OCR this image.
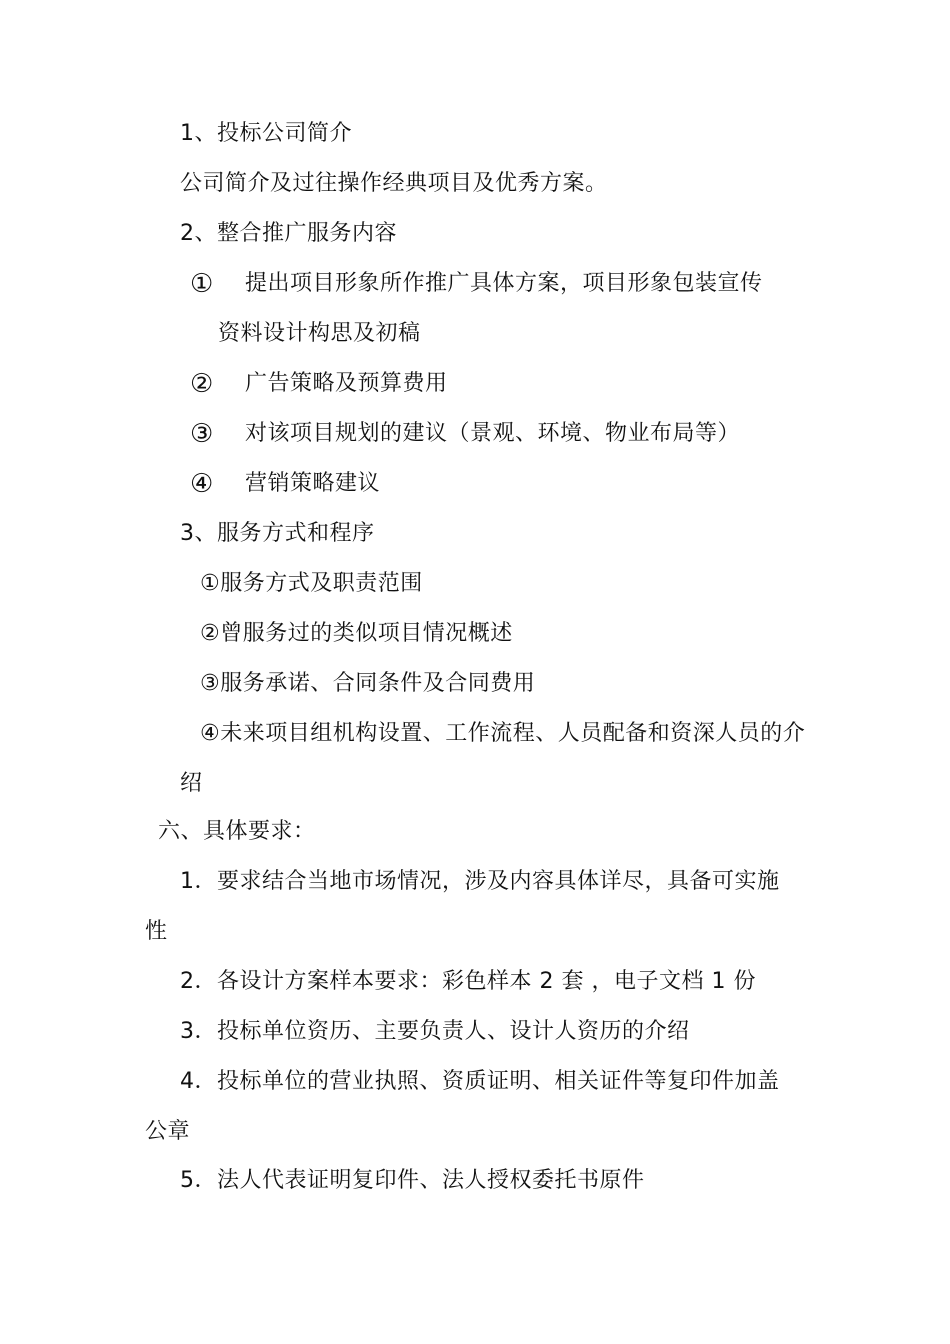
1、投标公司简介
公司简介及过往操作经典项目及优秀方案。
2、整合推广服务内容
① 提出项目形象所作推广具体方案，项目形象包装宣传
资料设计构思及初稿
② 广告策略及预算费用
③ 对该项目规划的建议（景观、环境、物业布局等）
④ 营销策略建议
3、服务方式和程序
①服务方式及职责范围
②曾服务过的类似项目情况概述
③服务承诺、合同条件及合同费用
④未来项目组机构设置、工作流程、人员配备和资深人员的介
绍
六、具体要求：
1．要求结合当地市场情况，涉及内容具体详尽，具备可实施
性
2．各设计方案样本要求：彩色样本 2 套 ，电子文档 1 份
3．投标单位资历、主要负责人、设计人资历的介绍
4．投标单位的营业执照、资质证明、相关证件等复印件加盖
公章
5．法人代表证明复印件、法人授权委托书原件
